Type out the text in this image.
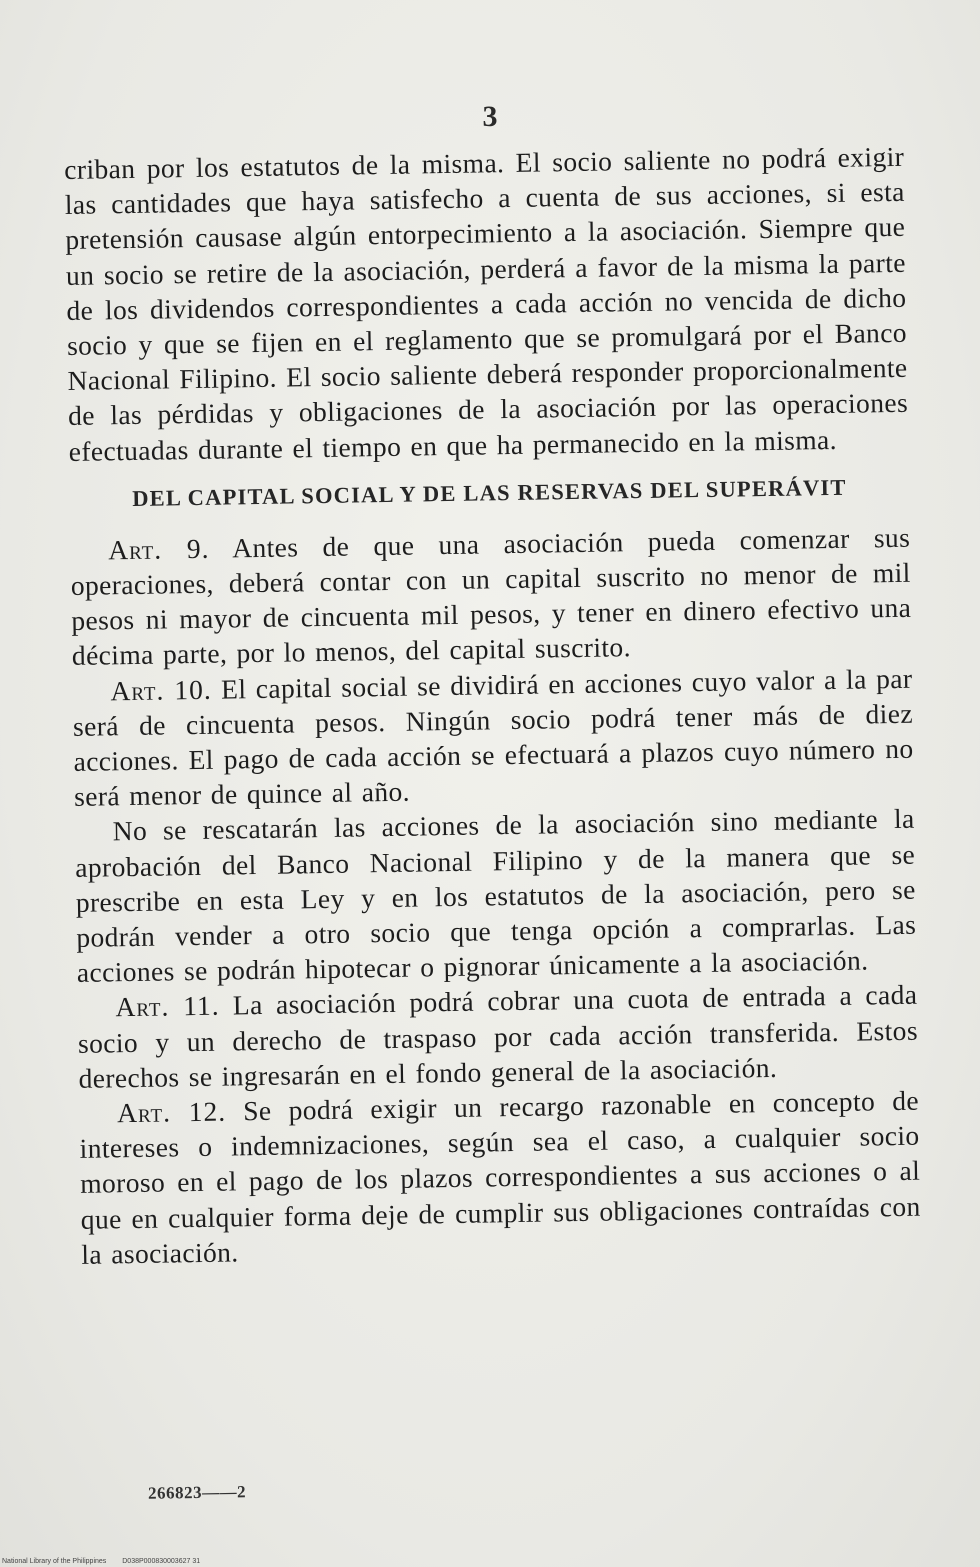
3

criban por los estatutos de la misma. El socio saliente no podrá exigir las cantidades que haya satisfecho a cuenta de sus acciones, si esta pretensión causase algún entorpecimiento a la asociación. Siempre que un socio se retire de la asociación, perderá a favor de la misma la parte de los dividendos correspondientes a cada acción no vencida de dicho socio y que se fijen en el reglamento que se promulgará por el Banco Nacional Filipino. El socio saliente deberá responder proporcionalmente de las pérdidas y obligaciones de la asociación por las operaciones efectuadas durante el tiempo en que ha permanecido en la misma.

DEL CAPITAL SOCIAL Y DE LAS RESERVAS DEL SUPERÁVIT

Art. 9. Antes de que una asociación pueda comenzar sus operaciones, deberá contar con un capital suscrito no menor de mil pesos ni mayor de cincuenta mil pesos, y tener en dinero efectivo una décima parte, por lo menos, del capital suscrito.

Art. 10. El capital social se dividirá en acciones cuyo valor a la par será de cincuenta pesos. Ningún socio podrá tener más de diez acciones. El pago de cada acción se efectuará a plazos cuyo número no será menor de quince al año.

No se rescatarán las acciones de la asociación sino mediante la aprobación del Banco Nacional Filipino y de la manera que se prescribe en esta Ley y en los estatutos de la asociación, pero se podrán vender a otro socio que tenga opción a comprarlas. Las acciones se podrán hipotecar o pignorar únicamente a la asociación.

Art. 11. La asociación podrá cobrar una cuota de entrada a cada socio y un derecho de traspaso por cada acción transferida. Estos derechos se ingresarán en el fondo general de la asociación.

Art. 12. Se podrá exigir un recargo razonable en concepto de intereses o indemnizaciones, según sea el caso, a cualquier socio moroso en el pago de los plazos correspondientes a sus acciones o al que en cualquier forma deje de cumplir sus obligaciones contraídas con la asociación.

266823——2
National Library of the Philippines D038P000830003627 31
